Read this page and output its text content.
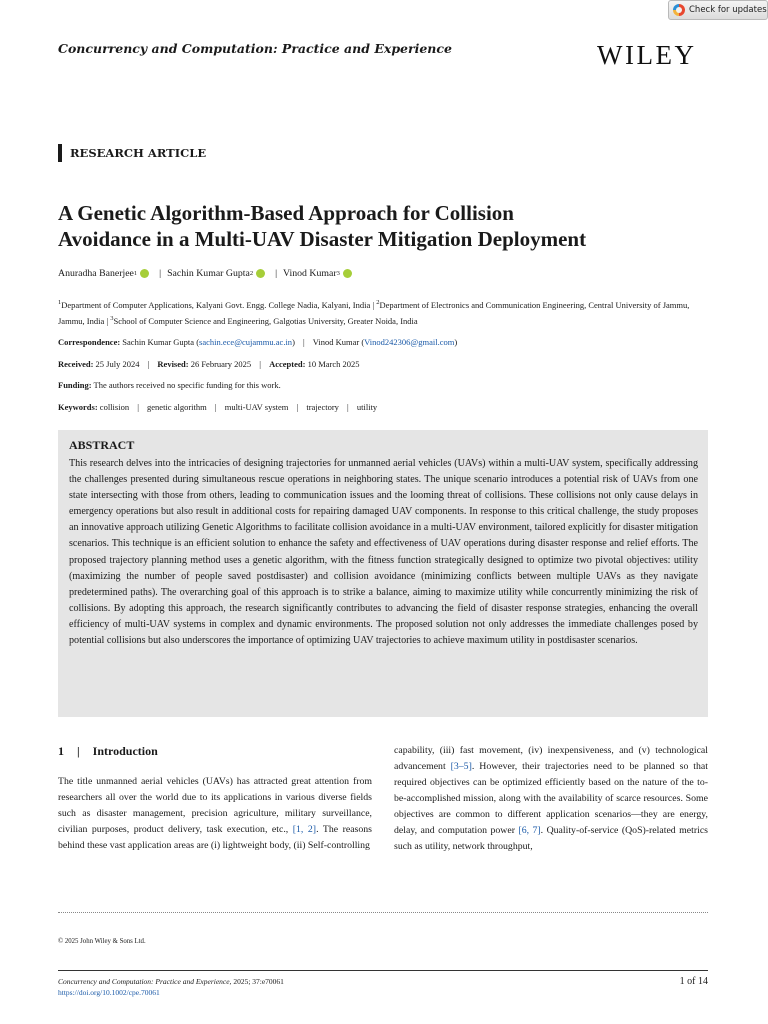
Check for updates
Concurrency and Computation: Practice and Experience	WILEY
RESEARCH ARTICLE
A Genetic Algorithm-Based Approach for Collision
Avoidance in a Multi-UAV Disaster Mitigation Deployment
Anuradha Banerjee 1 | Sachin Kumar Gupta 2 | Vinod Kumar 3
$^1$Department of Computer Applications, Kalyani Govt. Engg. College Nadia, Kalyani, India | $^2$Department of Electronics and Communication Engineering, Central University of Jammu, Jammu, India | $^3$School of Computer Science and Engineering, Galgotias University, Greater Noida, India
Correspondence: Sachin Kumar Gupta (sachin.ece@cujammu.ac.in) | Vinod Kumar (Vinod242306@gmail.com)
Received: 25 July 2024 | Revised: 26 February 2025 | Accepted: 10 March 2025
Funding: The authors received no specific funding for this work.
Keywords: collision | genetic algorithm | multi-UAV system | trajectory | utility
ABSTRACT
This research delves into the intricacies of designing trajectories for unmanned aerial vehicles (UAVs) within a multi-UAV system, specifically addressing the challenges presented during simultaneous rescue operations in neighboring states. The unique scenario introduces a potential risk of UAVs from one state intersecting with those from others, leading to communication issues and the looming threat of collisions. These collisions not only cause delays in emergency operations but also result in additional costs for repairing damaged UAV components. In response to this critical challenge, the study proposes an innovative approach utilizing Genetic Algorithms to facilitate collision avoidance in a multi-UAV environment, tailored explicitly for disaster mitigation scenarios. This technique is an efficient solution to enhance the safety and effectiveness of UAV operations during disaster response and relief efforts. The proposed trajectory planning method uses a genetic algorithm, with the fitness function strategically designed to optimize two pivotal objectives: utility (maximizing the number of people saved postdisaster) and collision avoidance (minimizing conflicts between multiple UAVs as they navigate predetermined paths). The overarching goal of this approach is to strike a balance, aiming to maximize utility while concurrently minimizing the risk of collisions. By adopting this approach, the research significantly contributes to advancing the field of disaster response strategies, enhancing the overall efficiency of multi-UAV systems in complex and dynamic environments. The proposed solution not only addresses the immediate challenges posed by potential collisions but also underscores the importance of optimizing UAV trajectories to achieve maximum utility in postdisaster scenarios.
1 | Introduction
The title unmanned aerial vehicles (UAVs) has attracted great attention from researchers all over the world due to its applications in various diverse fields such as disaster management, precision agriculture, military surveillance, civilian purposes, product delivery, task execution, etc., [1, 2]. The reasons behind these vast application areas are (i) lightweight body, (ii) Self-controlling
capability, (iii) fast movement, (iv) inexpensiveness, and (v) technological advancement [3–5]. However, their trajectories need to be planned so that required objectives can be optimized efficiently based on the nature of the to-be-accomplished mission, along with the availability of scarce resources. Some objectives are common to different application scenarios—they are energy, delay, and computation power [6, 7]. Quality-of-service (QoS)-related metrics such as utility, network throughput,
© 2025 John Wiley & Sons Ltd.
Concurrency and Computation: Practice and Experience, 2025; 37:e70061
https://doi.org/10.1002/cpe.70061
1 of 14
